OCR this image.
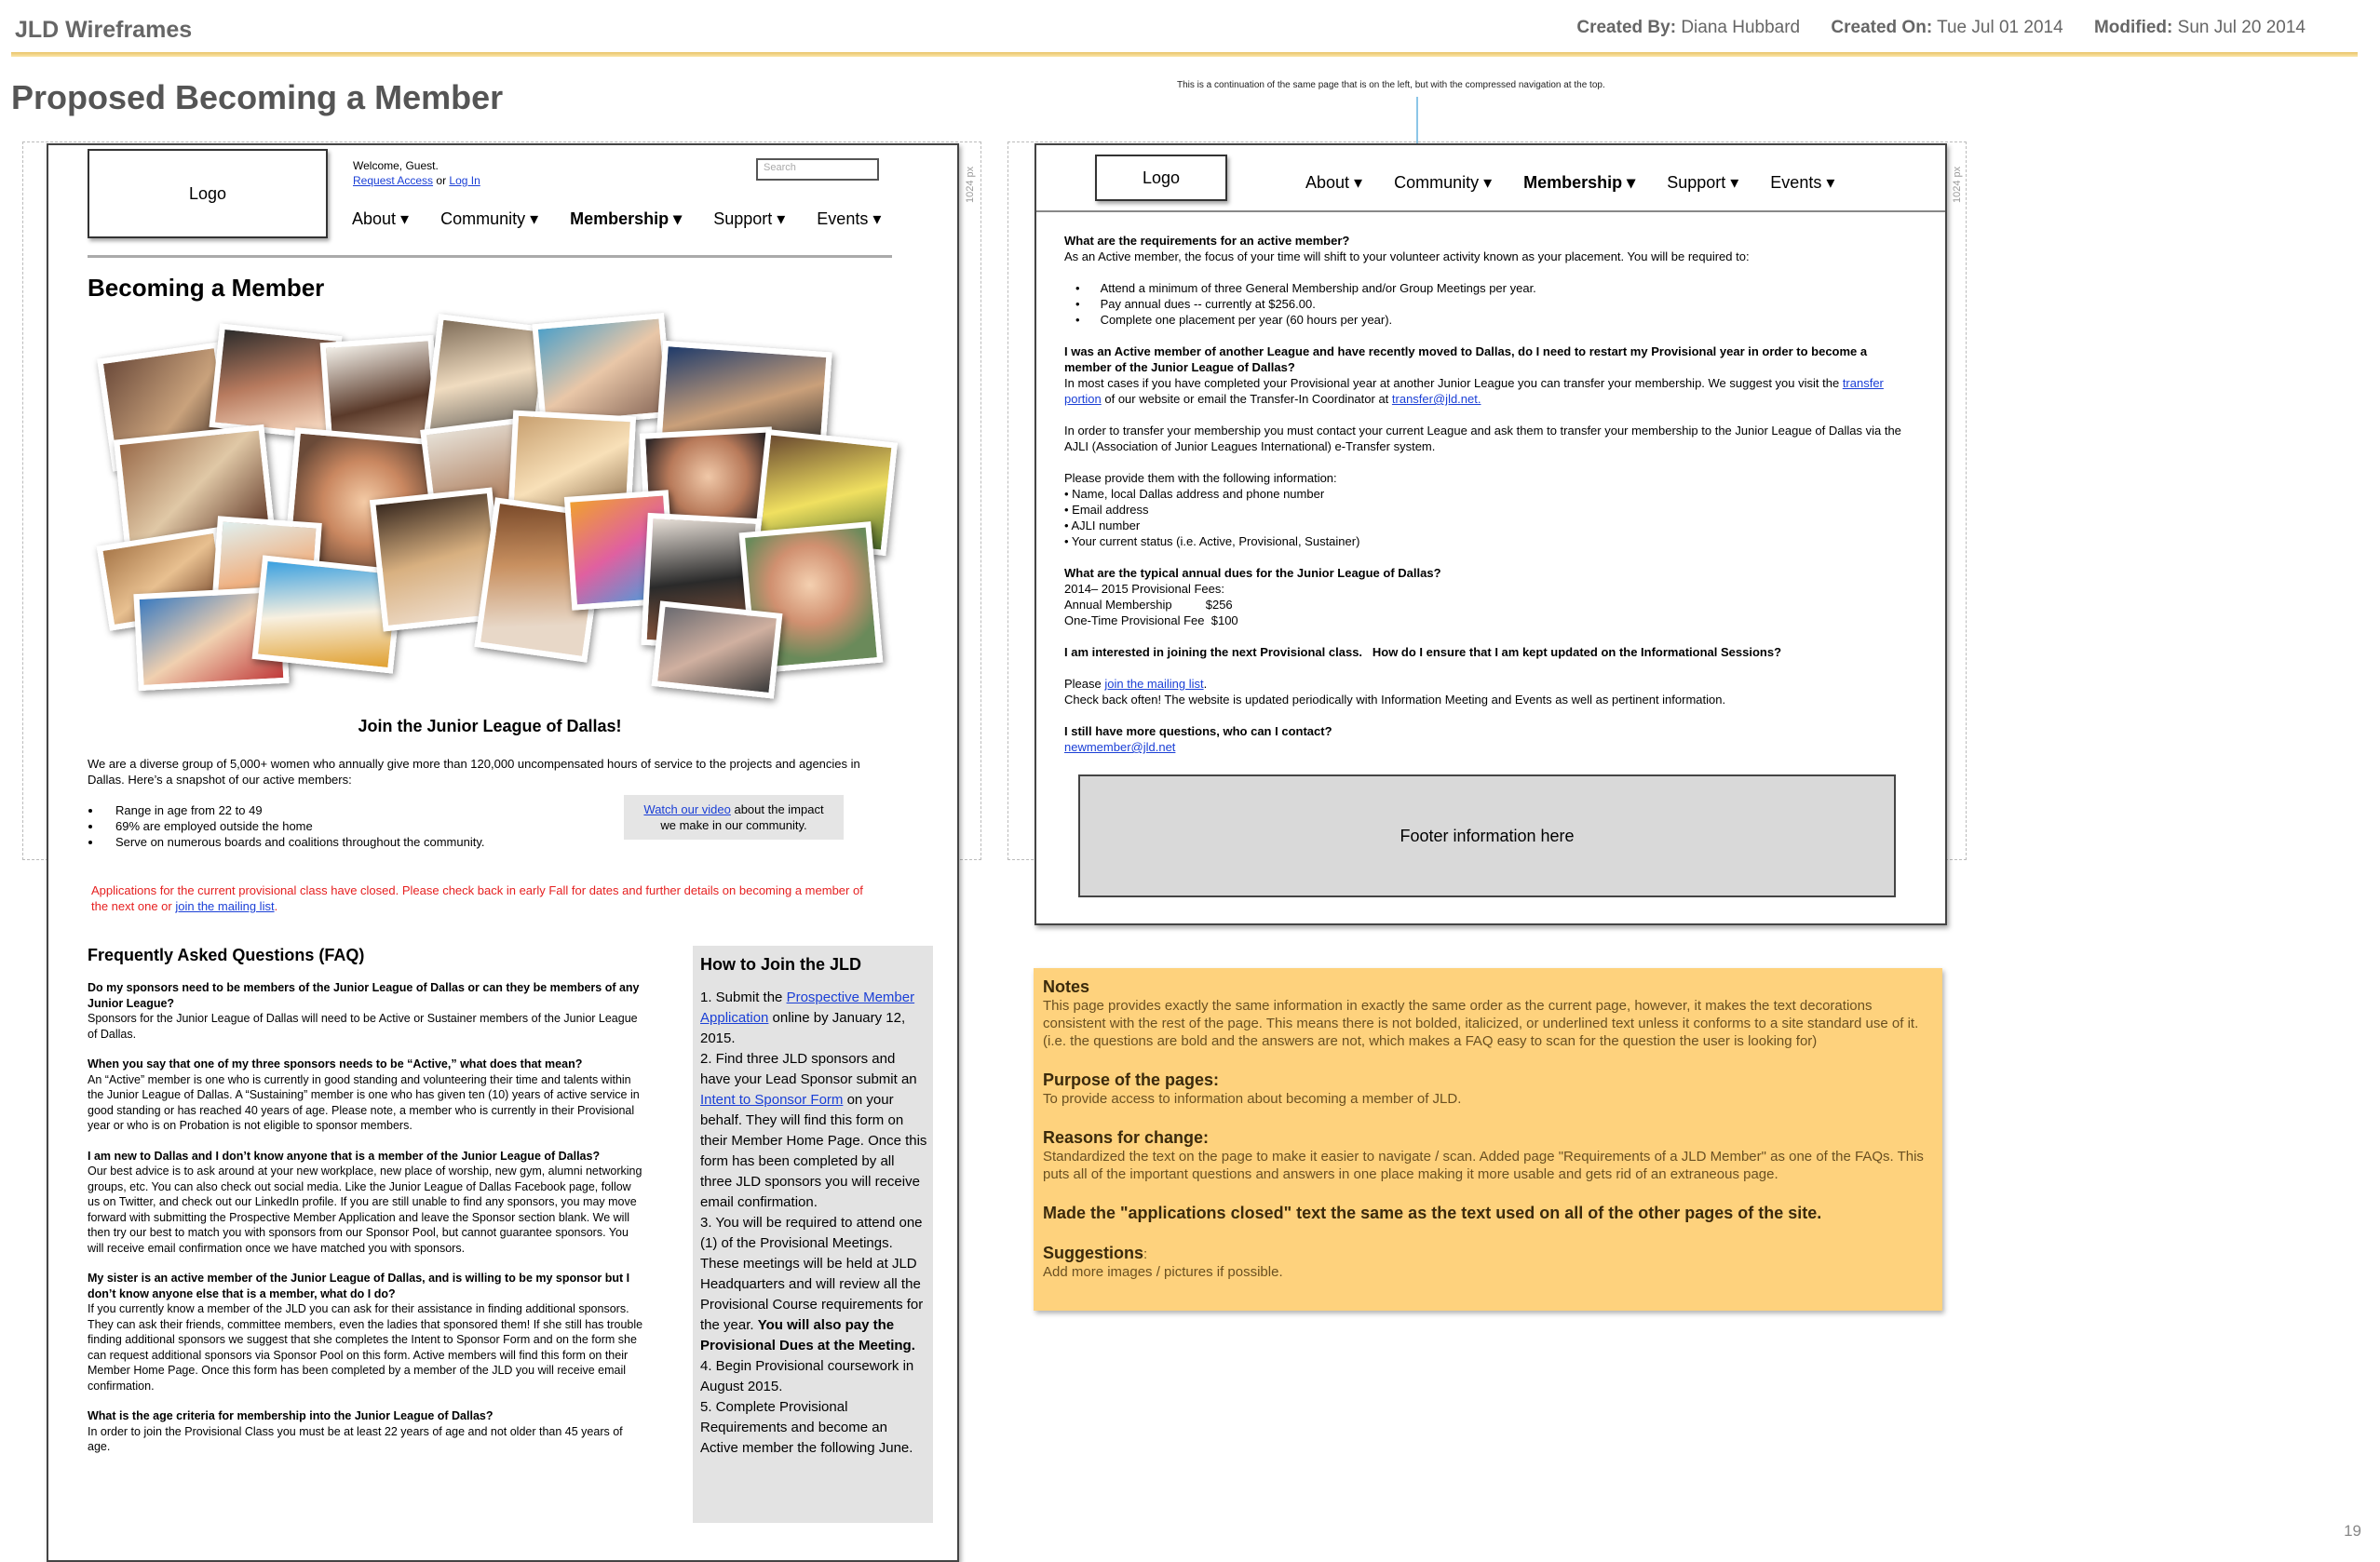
JLD Wireframes	Created By: Diana Hubbard Created On: Tue Jul 01 2014 Modified: Sun Jul 20 2014
Proposed Becoming a Member	This is a continuation of the same page that is on the left, but with the compressed navigation at the top.
1024 px
Logo
Welcome, Guest.
Request Access or Log In
Search
About ▾ Community ▾ Membership ▾ Support ▾ Events ▾
Becoming a Member
Join the Junior League of Dallas!
We are a diverse group of 5,000+ women who annually give more than 120,000 uncompensated hours of service to the projects and agencies in Dallas. Here’s a snapshot of our active members:
• Range in age from 22 to 49
• 69% are employed outside the home
• Serve on numerous boards and coalitions throughout the community.
Watch our video about the impact
we make in our community.
Applications for the current provisional class have closed. Please check back in early Fall for dates and further details on becoming a member of the next one or join the mailing list.
Frequently Asked Questions (FAQ)

Do my sponsors need to be members of the Junior League of Dallas or can they be members of any Junior League?
Sponsors for the Junior League of Dallas will need to be Active or Sustainer members of the Junior League of Dallas.

When you say that one of my three sponsors needs to be “Active,” what does that mean?
An “Active” member is one who is currently in good standing and volunteering their time and talents within the Junior League of Dallas. A “Sustaining” member is one who has given ten (10) years of active service in good standing or has reached 40 years of age. Please note, a member who is currently in their Provisional year or who is on Probation is not eligible to sponsor members.

I am new to Dallas and I don’t know anyone that is a member of the Junior League of Dallas?
Our best advice is to ask around at your new workplace, new place of worship, new gym, alumni networking groups, etc. You can also check out social media. Like the Junior League of Dallas Facebook page, follow us on Twitter, and check out our LinkedIn profile. If you are still unable to find any sponsors, you may move forward with submitting the Prospective Member Application and leave the Sponsor section blank. We will then try our best to match you with sponsors from our Sponsor Pool, but cannot guarantee sponsors. You will receive email confirmation once we have matched you with sponsors.

My sister is an active member of the Junior League of Dallas, and is willing to be my sponsor but I don’t know anyone else that is a member, what do I do?
If you currently know a member of the JLD you can ask for their assistance in finding additional sponsors. They can ask their friends, committee members, even the ladies that sponsored them! If she still has trouble finding additional sponsors we suggest that she completes the Intent to Sponsor Form and on the form she can request additional sponsors via Sponsor Pool on this form. Active members will find this form on their Member Home Page. Once this form has been completed by a member of the JLD you will receive email confirmation.

What is the age criteria for membership into the Junior League of Dallas?
In order to join the Provisional Class you must be at least 22 years of age and not older than 45 years of age.

How to Join the JLD
1. Submit the Prospective Member Application online by January 12, 2015.
2. Find three JLD sponsors and have your Lead Sponsor submit an Intent to Sponsor Form on your behalf. They will find this form on their Member Home Page. Once this form has been completed by all three JLD sponsors you will receive email confirmation.
3. You will be required to attend one (1) of the Provisional Meetings. These meetings will be held at JLD Headquarters and will review all the Provisional Course requirements for the year. You will also pay the Provisional Dues at the Meeting.
4. Begin Provisional coursework in August 2015.
5. Complete Provisional Requirements and become an Active member the following June.
1024 px
Logo	About ▾ Community ▾ Membership ▾ Support ▾ Events ▾

What are the requirements for an active member?
As an Active member, the focus of your time will shift to your volunteer activity known as your placement. You will be required to:

• Attend a minimum of three General Membership and/or Group Meetings per year.
• Pay annual dues -- currently at $256.00.
• Complete one placement per year (60 hours per year).

I was an Active member of another League and have recently moved to Dallas, do I need to restart my Provisional year in order to become a member of the Junior League of Dallas?
In most cases if you have completed your Provisional year at another Junior League you can transfer your membership. We suggest you visit the transfer portion of our website or email the Transfer-In Coordinator at transfer@jld.net.

In order to transfer your membership you must contact your current League and ask them to transfer your membership to the Junior League of Dallas via the AJLI (Association of Junior Leagues International) e-Transfer system.

Please provide them with the following information:
• Name, local Dallas address and phone number
• Email address
• AJLI number
• Your current status (i.e. Active, Provisional, Sustainer)

What are the typical annual dues for the Junior League of Dallas?
2014– 2015 Provisional Fees:
Annual Membership          $256
One-Time Provisional Fee  $100

I am interested in joining the next Provisional class.   How do I ensure that I am kept updated on the Informational Sessions?

Please join the mailing list.
Check back often! The website is updated periodically with Information Meeting and Events as well as pertinent information.

I still have more questions, who can I contact?
newmember@jld.net

Footer information here
Notes
This page provides exactly the same information in exactly the same order as the current page, however, it makes the text decorations consistent with the rest of the page. This means there is not bolded, italicized, or underlined text unless it conforms to a site standard use of it. (i.e. the questions are bold and the answers are not, which makes a FAQ easy to scan for the question the user is looking for)
Purpose of the pages:
To provide access to information about becoming a member of JLD.
Reasons for change:
Standardized the text on the page to make it easier to navigate / scan. Added page "Requirements of a JLD Member" as one of the FAQs. This puts all of the important questions and answers in one place making it more usable and gets rid of an extraneous page.
Made the "applications closed" text the same as the text used on all of the other pages of the site.
Suggestions:
Add more images / pictures if possible.
19
